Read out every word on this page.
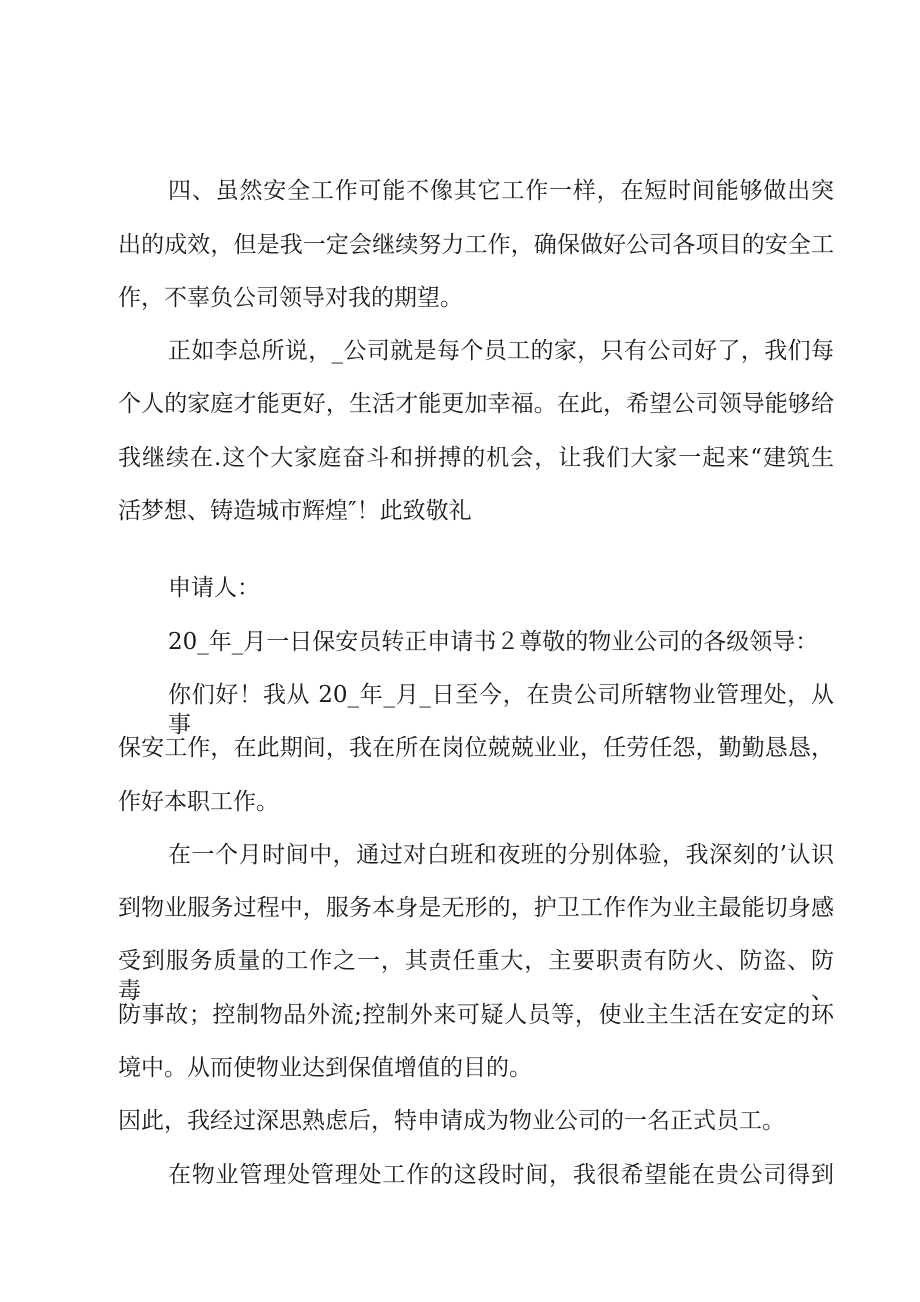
四、虽然安全工作可能不像其它工作一样，在短时间能够做出突
出的成效，但是我一定会继续努力工作，确保做好公司各项目的安全工
作，不辜负公司领导对我的期望。
正如李总所说，_公司就是每个员工的家，只有公司好了，我们每
个人的家庭才能更好，生活才能更加幸福。在此，希望公司领导能够给
我继续在.这个大家庭奋斗和拼搏的机会，让我们大家一起来“建筑生
活梦想、铸造城市辉煌″！此致敬礼
申请人：
20_年_月一日保安员转正申请书２尊敬的物业公司的各级领导：
你们好！我从 20_年_月_日至今，在贵公司所辖物业管理处，从事
保安工作，在此期间，我在所在岗位兢兢业业，任劳任怨，勤勤恳恳，
作好本职工作。
在一个月时间中，通过对白班和夜班的分别体验，我深刻的’认识
到物业服务过程中，服务本身是无形的，护卫工作作为业主最能切身感
受到服务质量的工作之一，其责任重大，主要职责有防火、防盗、防毒、
防事故；控制物品外流;控制外来可疑人员等，使业主生活在安定的环
境中。从而使物业达到保值增值的目的。
因此，我经过深思熟虑后，特申请成为物业公司的一名正式员工。
在物业管理处管理处工作的这段时间，我很希望能在贵公司得到
